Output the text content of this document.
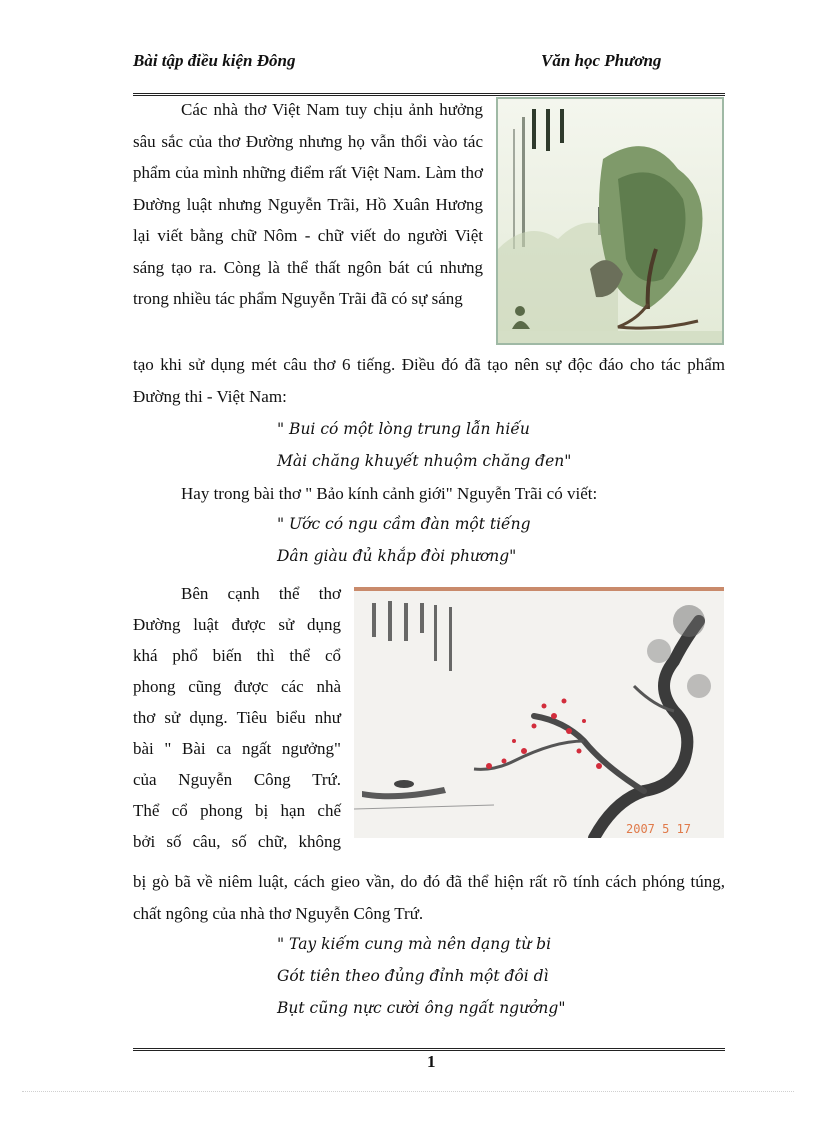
Bài tập điều kiện Đông	Văn học Phương

Các nhà thơ Việt Nam tuy chịu ảnh hưởng sâu sắc của thơ Đường nhưng họ vẫn thổi vào tác phẩm của mình những điểm rất Việt Nam. Làm thơ Đường luật nhưng Nguyễn Trãi, Hồ Xuân Hương lại viết bằng chữ Nôm - chữ viết do người Việt sáng tạo ra. Còng là thể thất ngôn bát cú nhưng trong nhiều tác phẩm Nguyễn Trãi đã có sự sáng

tạo khi sử dụng mét câu thơ 6 tiếng. Điều đó đã tạo nên sự độc đáo cho tác phẩm Đường thi - Việt Nam:

" Bui có một lòng trung lẫn hiếu
Mài chăng khuyết nhuộm chăng đen"

Hay trong bài thơ " Bảo kính cảnh giới" Nguyễn Trãi có viết:

" Ước có ngu cầm đàn một tiếng
Dân giàu đủ khắp đòi phương"
2007 5 17
Bên cạnh thể thơ
Đường luật được sử dụng
khá phổ biến thì thể cổ
phong cũng được các nhà
thơ sử dụng. Tiêu biểu như
bài " Bài ca ngất ngưởng"
của Nguyễn Công Trứ.
Thể cổ phong bị hạn chế
bởi số câu, số chữ, không

bị gò bã về niêm luật, cách gieo vần, do đó đã thể hiện rất rõ tính cách phóng túng, chất ngông của nhà thơ Nguyễn Công Trứ.

" Tay kiếm cung mà nên dạng từ bi
Gót tiên theo đủng đỉnh một đôi dì
Bụt cũng nực cười ông ngất ngưởng"
1
